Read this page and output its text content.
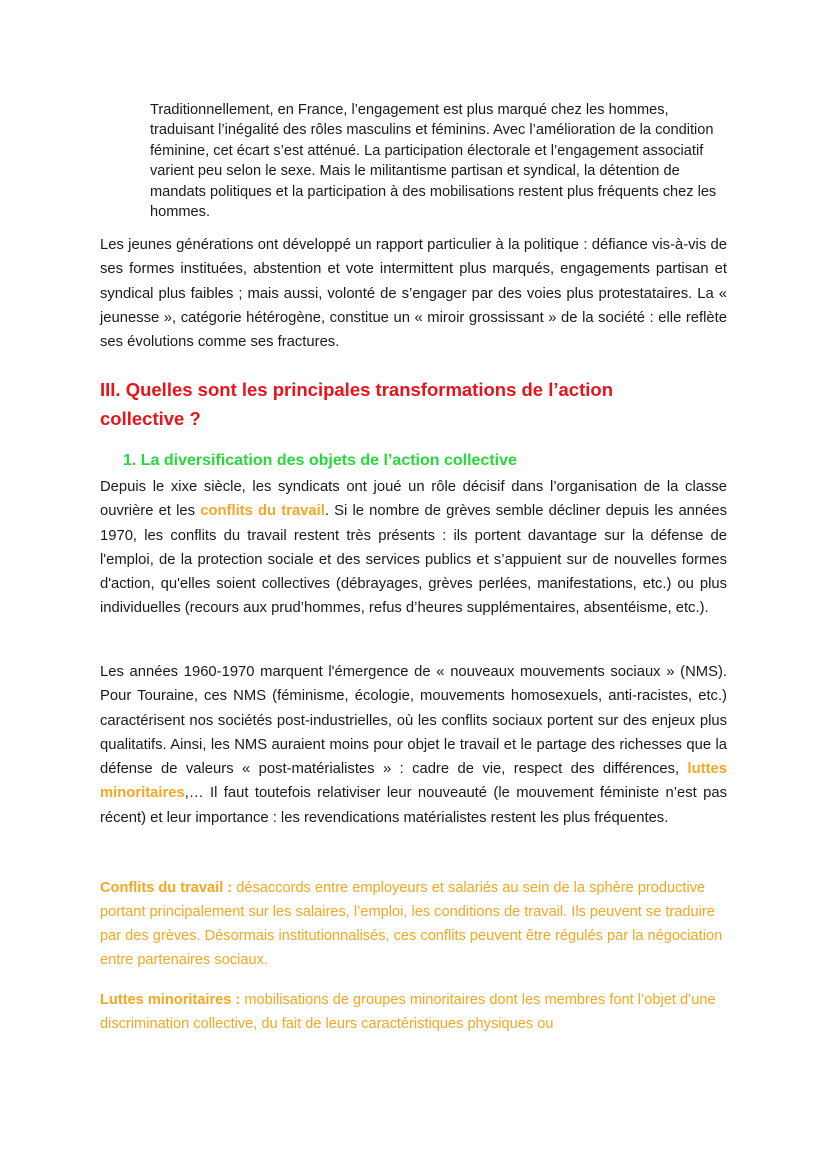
Traditionnellement, en France, l’engagement est plus marqué chez les hommes, traduisant l’inégalité des rôles masculins et féminins. Avec l’amélioration de la condition féminine, cet écart s’est atténué. La participation électorale et l’engagement associatif varient peu selon le sexe. Mais le militantisme partisan et syndical, la détention de mandats politiques et la participation à des mobilisations restent plus fréquents chez les hommes.
Les jeunes générations ont développé un rapport particulier à la politique : défiance vis-à-vis de ses formes instituées, abstention et vote intermittent plus marqués, engagements partisan et syndical plus faibles ; mais aussi, volonté de s’engager par des voies plus protestataires. La « jeunesse », catégorie hétérogène, constitue un « miroir grossissant » de la société : elle reflète ses évolutions comme ses fractures.
III. Quelles sont les principales transformations de l’action collective ?
1. La diversification des objets de l’action collective
Depuis le xixe siècle, les syndicats ont joué un rôle décisif dans l’organisation de la classe ouvrière et les conflits du travail. Si le nombre de grèves semble décliner depuis les années 1970, les conflits du travail restent très présents : ils portent davantage sur la défense de l'emploi, de la protection sociale et des services publics et s’appuient sur de nouvelles formes d'action, qu'elles soient collectives (débrayages, grèves perlées, manifestations, etc.) ou plus individuelles (recours aux prud’hommes, refus d’heures supplémentaires, absentéisme, etc.).
Les années 1960-1970 marquent l'émergence de « nouveaux mouvements sociaux » (NMS). Pour Touraine, ces NMS (féminisme, écologie, mouvements homosexuels, anti-racistes, etc.) caractérisent nos sociétés post-industrielles, où les conflits sociaux portent sur des enjeux plus qualitatifs. Ainsi, les NMS auraient moins pour objet le travail et le partage des richesses que la défense de valeurs « post-matérialistes » : cadre de vie, respect des différences, luttes minoritaires,… Il faut toutefois relativiser leur nouveauté (le mouvement féministe n’est pas récent) et leur importance : les revendications matérialistes restent les plus fréquentes.
Conflits du travail : désaccords entre employeurs et salariés au sein de la sphère productive portant principalement sur les salaires, l’emploi, les conditions de travail. Ils peuvent se traduire par des grèves. Désormais institutionnalisés, ces conflits peuvent être régulés par la négociation entre partenaires sociaux.
Luttes minoritaires : mobilisations de groupes minoritaires dont les membres font l’objet d’une discrimination collective, du fait de leurs caractéristiques physiques ou
